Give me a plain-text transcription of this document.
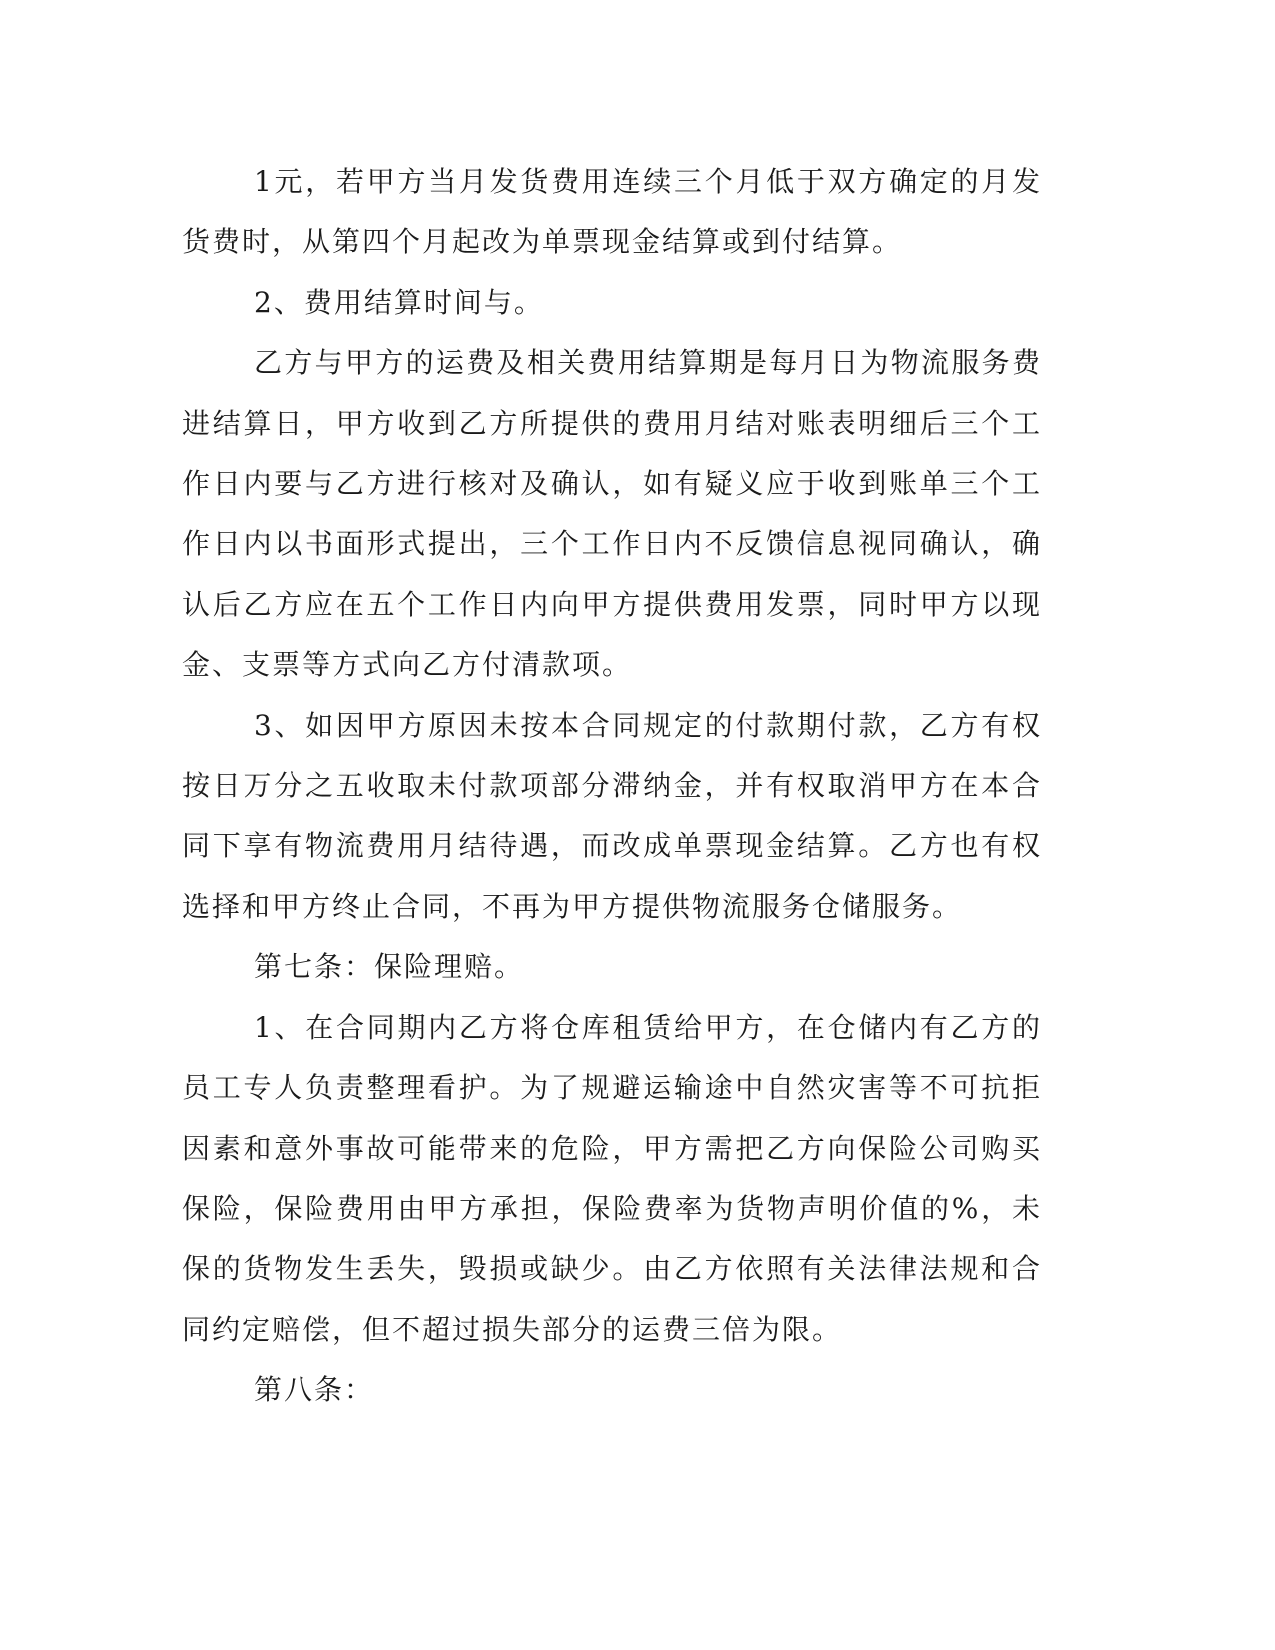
1元，若甲方当月发货费用连续三个月低于双方确定的月发货费时，从第四个月起改为单票现金结算或到付结算。

2、费用结算时间与。

乙方与甲方的运费及相关费用结算期是每月日为物流服务费进结算日，甲方收到乙方所提供的费用月结对账表明细后三个工作日内要与乙方进行核对及确认，如有疑义应于收到账单三个工作日内以书面形式提出，三个工作日内不反馈信息视同确认，确认后乙方应在五个工作日内向甲方提供费用发票，同时甲方以现金、支票等方式向乙方付清款项。

3、如因甲方原因未按本合同规定的付款期付款，乙方有权按日万分之五收取未付款项部分滞纳金，并有权取消甲方在本合同下享有物流费用月结待遇，而改成单票现金结算。乙方也有权选择和甲方终止合同，不再为甲方提供物流服务仓储服务。

第七条：保险理赔。

1、在合同期内乙方将仓库租赁给甲方，在仓储内有乙方的员工专人负责整理看护。为了规避运输途中自然灾害等不可抗拒因素和意外事故可能带来的危险，甲方需把乙方向保险公司购买保险，保险费用由甲方承担，保险费率为货物声明价值的%，未保的货物发生丢失，毁损或缺少。由乙方依照有关法律法规和合同约定赔偿，但不超过损失部分的运费三倍为限。

第八条：
